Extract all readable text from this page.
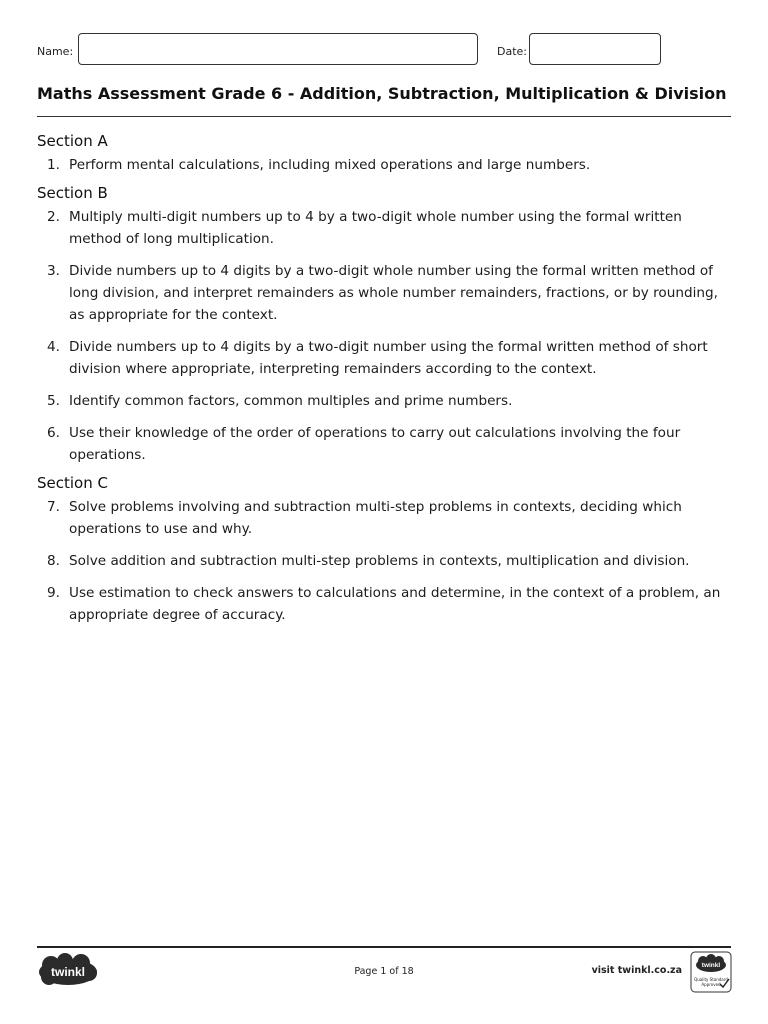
Name:	Date:
Maths Assessment Grade 6 - Addition, Subtraction, Multiplication & Division
Section A
1. Perform mental calculations, including mixed operations and large numbers.
Section B
2. Multiply multi-digit numbers up to 4 by a two-digit whole number using the formal written method of long multiplication.
3. Divide numbers up to 4 digits by a two-digit whole number using the formal written method of long division, and interpret remainders as whole number remainders, fractions, or by rounding, as appropriate for the context.
4. Divide numbers up to 4 digits by a two-digit number using the formal written method of short division where appropriate, interpreting remainders according to the context.
5. Identify common factors, common multiples and prime numbers.
6. Use their knowledge of the order of operations to carry out calculations involving the four operations.
Section C
7. Solve problems involving and subtraction multi-step problems in contexts, deciding which operations to use and why.
8. Solve addition and subtraction multi-step problems in contexts, multiplication and division.
9. Use estimation to check answers to calculations and determine, in the context of a problem, an appropriate degree of accuracy.
twinkl	Page 1 of 18	visit twinkl.co.za	twinkl
Quality Standard
Approved
